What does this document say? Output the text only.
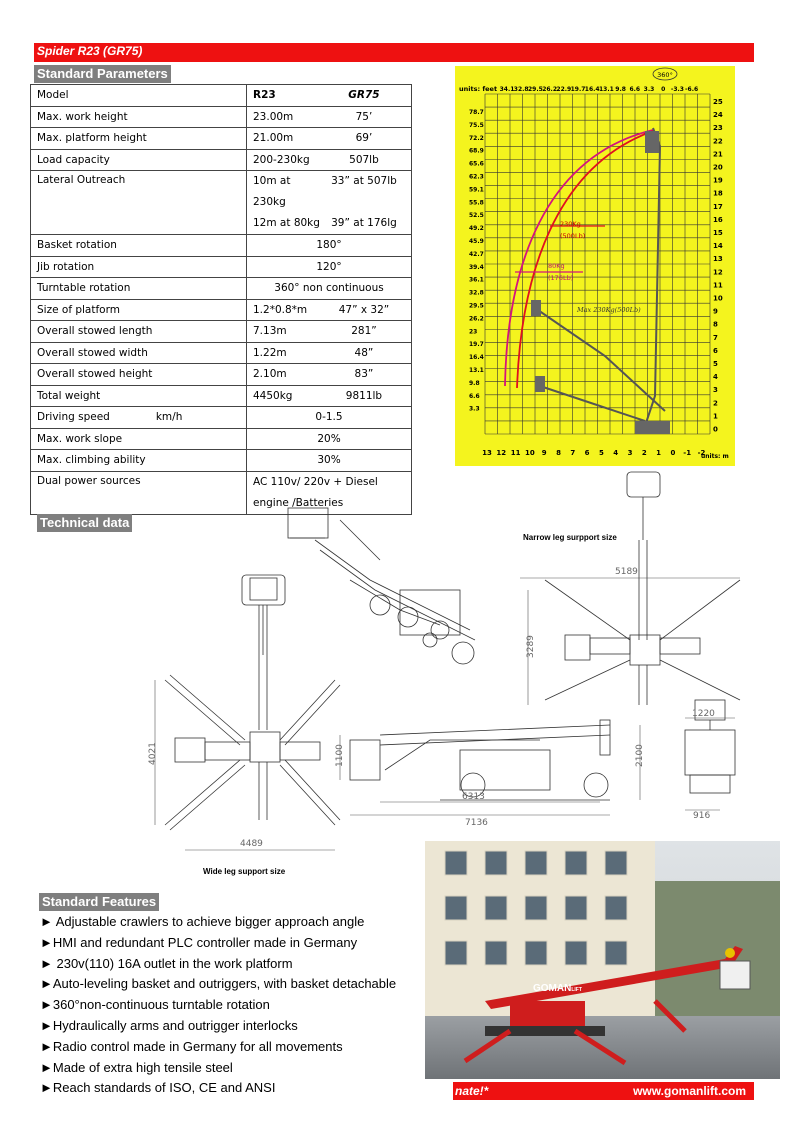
Spider R23 (GR75)
Standard Parameters
Model	R23 GR75

Max. work height	23.00m 75’

Max. platform height	21.00m 69’

Load capacity	200-230kg 507lb

Lateral Outreach	10m at 230kg
33” at 507lb
12m at 80kg 39” at 176lg

Basket rotation	180°
Jib rotation	120°
Turntable rotation	360° non continuous
Size of platform	1.2*0.8*m 47” x 32”

Overall stowed length	7.13m 281”

Overall stowed width	1.22m 48”

Overall stowed height	2.10m 83”

Total weight	4450kg 9811lb

Driving speed km/h	0-1.5
Max. work slope	20%
Max. climbing ability	30%
Dual power sources	AC 110v/ 220v + Diesel
engine /Batteries
units: feet 34.1 32.8 29.5 26.2 22.9 19.7 16.4 13.1 9.8 6.6 3.3 0 -3.3 -6.6
78.7
75.5
72.2
68.9
65.6
62.3
59.1
55.8
52.5
49.2
45.9
42.7
39.4
36.1
32.8
29.5
26.2
23
19.7
16.4
13.1
9.8
6.6
3.3
25
24
23
22
21
20
19
18
17
16
15
14
13
12
11
10
9
8
7
6
5
4
3
2
1
0
13 12 11 10 9 8 7 6 5 4 3 2 1 0 -1 -2
units: m
360°
230Kg
(500Lb)
80Kg
(176Lb)
Max 230Kg(500Lb)
Technical data
4489
4021
5189
3289
7136
6313
2100
1100
1220
916
Narrow leg surpport size
Wide leg support size
Standard Features
► Adjustable crawlers to achieve bigger approach angle
►HMI and redundant PLC controller made in Germany
► 230v(110) 16A outlet in the work platform
►Auto-leveling basket and outriggers, with basket detachable
►360°non-continuous turntable rotation
►Hydraulically arms and outrigger interlocks
►Radio control made in Germany for all movements
►Made of extra high tensile steel
►Reach standards of ISO, CE and ANSI
GOMANLIFT
nate!*	www.gomanlift.com
